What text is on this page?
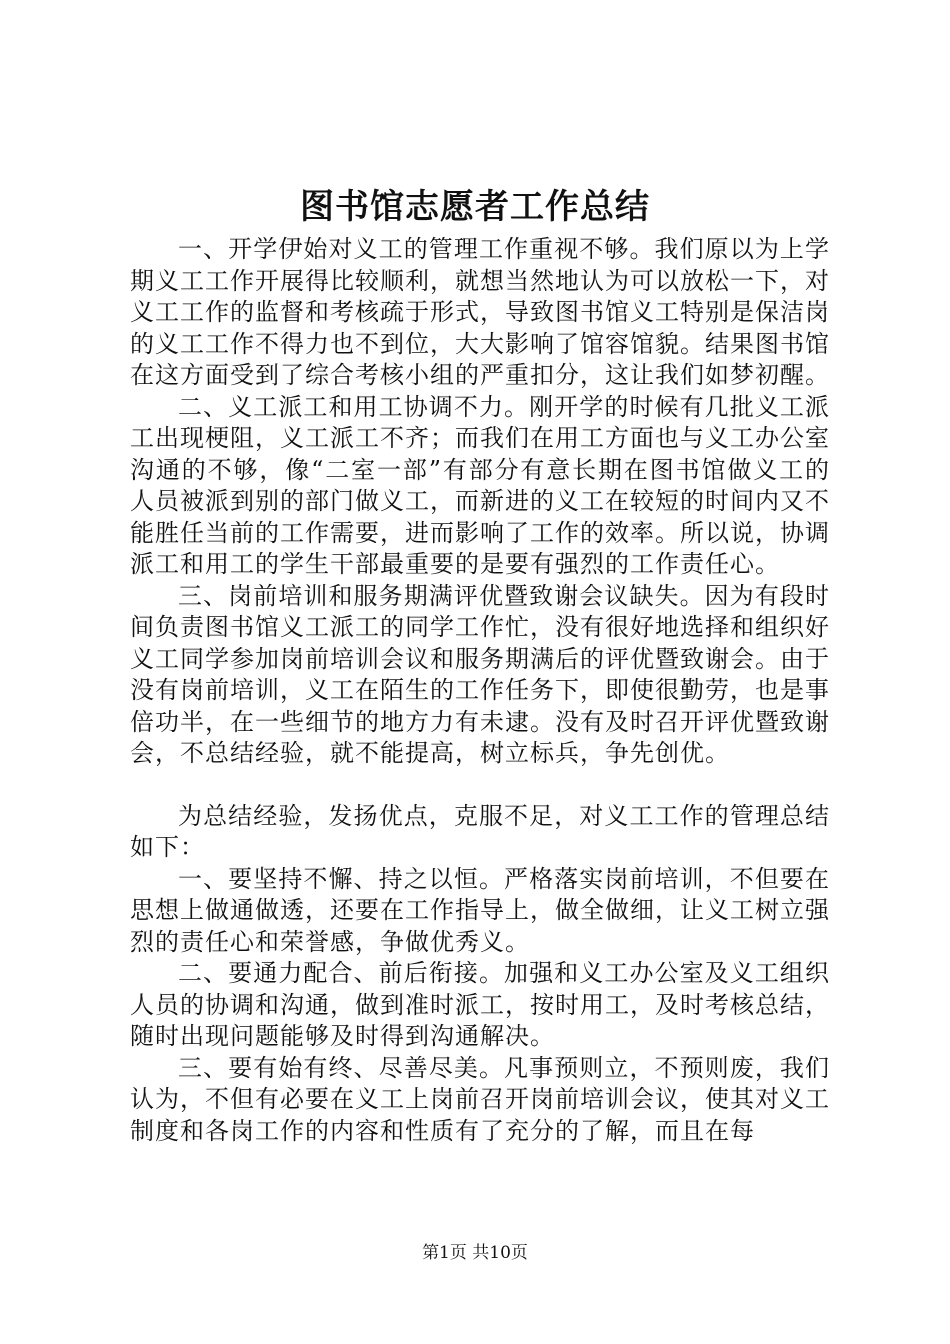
图书馆志愿者工作总结

一、开学伊始对义工的管理工作重视不够。我们原以为上学期义工工作开展得比较顺利，就想当然地认为可以放松一下，对义工工作的监督和考核疏于形式，导致图书馆义工特别是保洁岗的义工工作不得力也不到位，大大影响了馆容馆貌。结果图书馆在这方面受到了综合考核小组的严重扣分，这让我们如梦初醒。

二、义工派工和用工协调不力。刚开学的时候有几批义工派工出现梗阻，义工派工不齐；而我们在用工方面也与义工办公室沟通的不够，像“二室一部”有部分有意长期在图书馆做义工的人员被派到别的部门做义工，而新进的义工在较短的时间内又不能胜任当前的工作需要，进而影响了工作的效率。所以说，协调派工和用工的学生干部最重要的是要有强烈的工作责任心。

三、岗前培训和服务期满评优暨致谢会议缺失。因为有段时间负责图书馆义工派工的同学工作忙，没有很好地选择和组织好义工同学参加岗前培训会议和服务期满后的评优暨致谢会。由于没有岗前培训，义工在陌生的工作任务下，即使很勤劳，也是事倍功半，在一些细节的地方力有未逮。没有及时召开评优暨致谢会，不总结经验，就不能提高，树立标兵，争先创优。

为总结经验，发扬优点，克服不足，对义工工作的管理总结如下：

一、要坚持不懈、持之以恒。严格落实岗前培训，不但要在思想上做通做透，还要在工作指导上，做全做细，让义工树立强烈的责任心和荣誉感，争做优秀义。

二、要通力配合、前后衔接。加强和义工办公室及义工组织人员的协调和沟通，做到准时派工，按时用工，及时考核总结，随时出现问题能够及时得到沟通解决。

三、要有始有终、尽善尽美。凡事预则立，不预则废，我们认为，不但有必要在义工上岗前召开岗前培训会议，使其对义工制度和各岗工作的内容和性质有了充分的了解，而且在每

第1页 共10页
